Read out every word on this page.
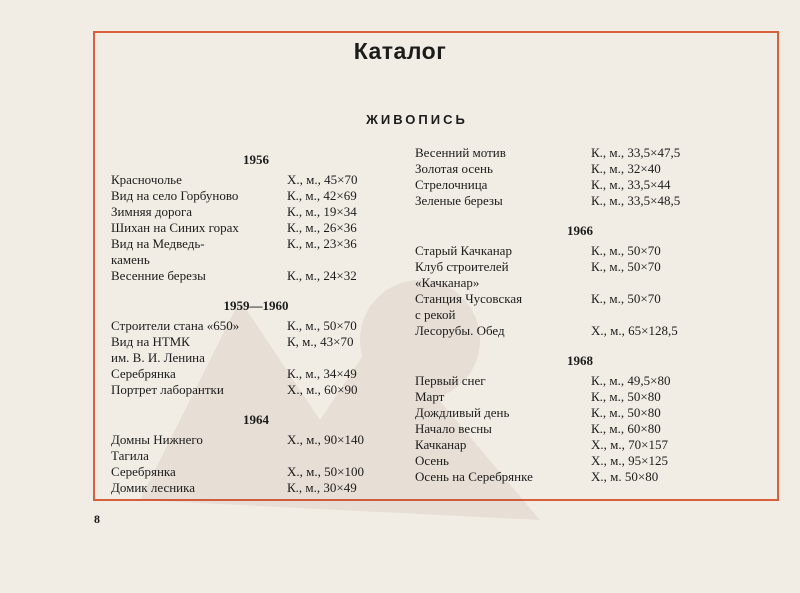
Каталог
ЖИВОПИСЬ
1956
Красночолье	Х., м., 45×70
Вид на село Горбуново	К., м., 42×69
Зимняя дорога	К., м., 19×34
Шихан на Синих горах	К., м., 26×36
Вид на Медведь-	К., м., 23×36
камень
Весенние березы	К., м., 24×32
1959—1960
Строители стана «650»	К., м., 50×70
Вид на НТМК	К, м., 43×70
им. В. И. Ленина
Серебрянка	К., м., 34×49
Портрет лаборантки	Х., м., 60×90
1964
Домны Нижнего	Х., м., 90×140
Тагила
Серебрянка	Х., м., 50×100
Домик лесника	К., м., 30×49
Весенний мотив	К., м., 33,5×47,5
Золотая осень	К., м., 32×40
Стрелочница	К., м., 33,5×44
Зеленые березы	К., м., 33,5×48,5
1966
Старый Качканар	К., м., 50×70
Клуб строителей	К., м., 50×70
«Качканар»
Станция Чусовская	К., м., 50×70
с рекой
Лесорубы. Обед	Х., м., 65×128,5
1968
Первый снег	К., м., 49,5×80
Март	К., м., 50×80
Дождливый день	К., м., 50×80
Начало весны	К., м., 60×80
Качканар	Х., м., 70×157
Осень	Х., м., 95×125
Осень на Серебрянке	Х., м. 50×80
8
